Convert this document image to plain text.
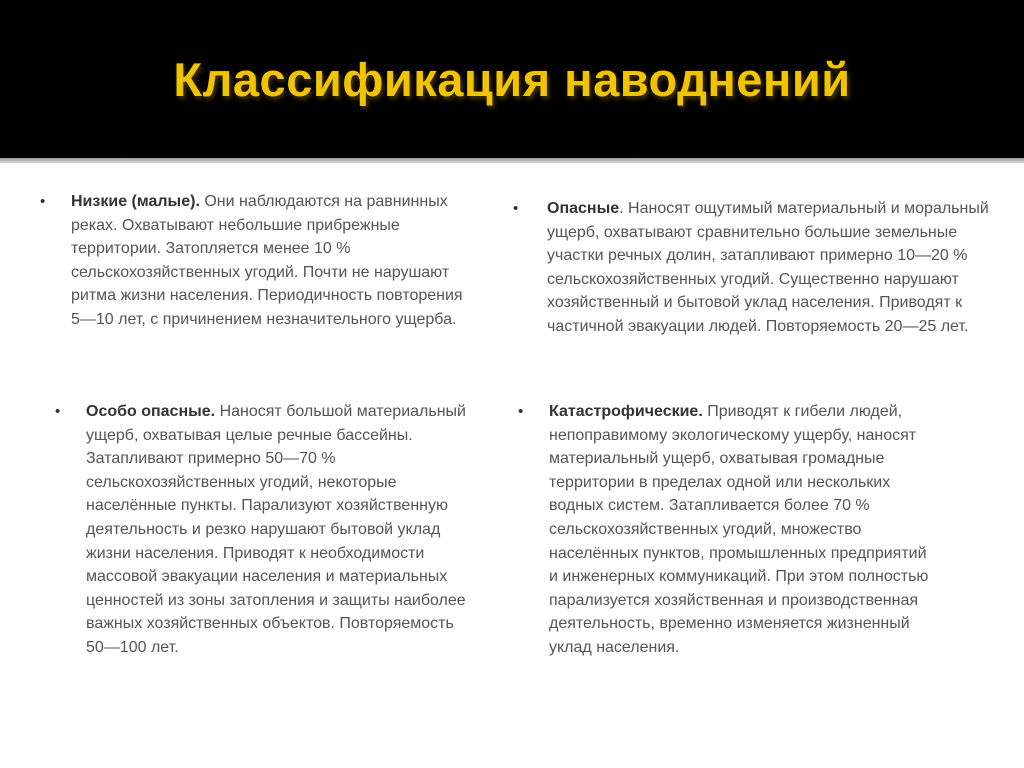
Классификация наводнений
• Низкие (малые). Они наблюдаются на равнинных реках. Охватывают небольшие прибрежные территории. Затопляется менее 10 % сельскохозяйственных угодий. Почти не нарушают ритма жизни населения. Периодичность повторения 5—10 лет, с причинением незначительного ущерба.
• Опасные. Наносят ощутимый материальный и моральный ущерб, охватывают сравнительно большие земельные участки речных долин, затапливают примерно 10—20 % сельскохозяйственных угодий. Существенно нарушают хозяйственный и бытовой уклад населения. Приводят к частичной эвакуации людей. Повторяемость 20—25 лет.
• Особо опасные. Наносят большой материальный ущерб, охватывая целые речные бассейны. Затапливают примерно 50—70 % сельскохозяйственных угодий, некоторые населённые пункты. Парализуют хозяйственную деятельность и резко нарушают бытовой уклад жизни населения. Приводят к необходимости массовой эвакуации населения и материальных ценностей из зоны затопления и защиты наиболее важных хозяйственных объектов. Повторяемость 50—100 лет.
• Катастрофические. Приводят к гибели людей, непоправимому экологическому ущербу, наносят материальный ущерб, охватывая громадные территории в пределах одной или нескольких водных систем. Затапливается более 70 % сельскохозяйственных угодий, множество населённых пунктов, промышленных предприятий и инженерных коммуникаций. При этом полностью парализуется хозяйственная и производственная деятельность, временно изменяется жизненный уклад населения.
